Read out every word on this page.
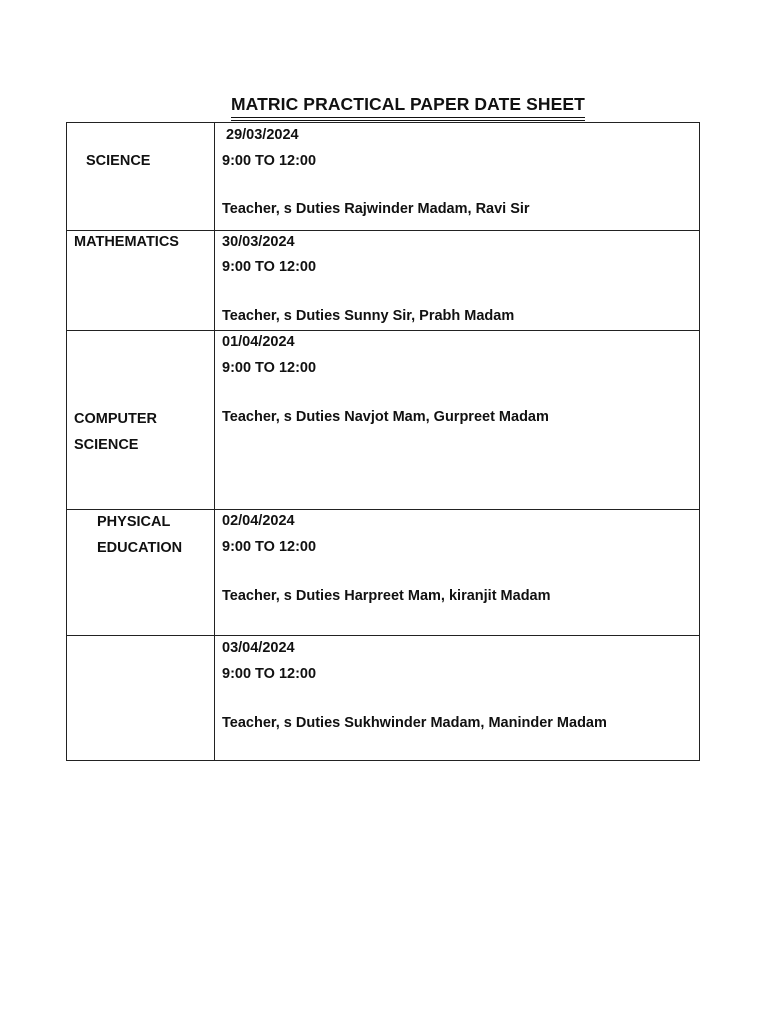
MATRIC PRACTICAL PAPER DATE SHEET
SCIENCE
29/03/2024
9:00 TO 12:00
Teacher, s Duties Rajwinder Madam, Ravi Sir
MATHEMATICS	30/03/2024
9:00 TO 12:00
Teacher, s Duties Sunny Sir, Prabh Madam
COMPUTER
SCIENCE
01/04/2024
9:00 TO 12:00
Teacher, s Duties Navjot Mam, Gurpreet Madam
PHYSICAL
EDUCATION
02/04/2024
9:00 TO 12:00
Teacher, s Duties Harpreet Mam, kiranjit Madam
03/04/2024
9:00 TO 12:00
Teacher, s Duties Sukhwinder Madam, Maninder Madam
